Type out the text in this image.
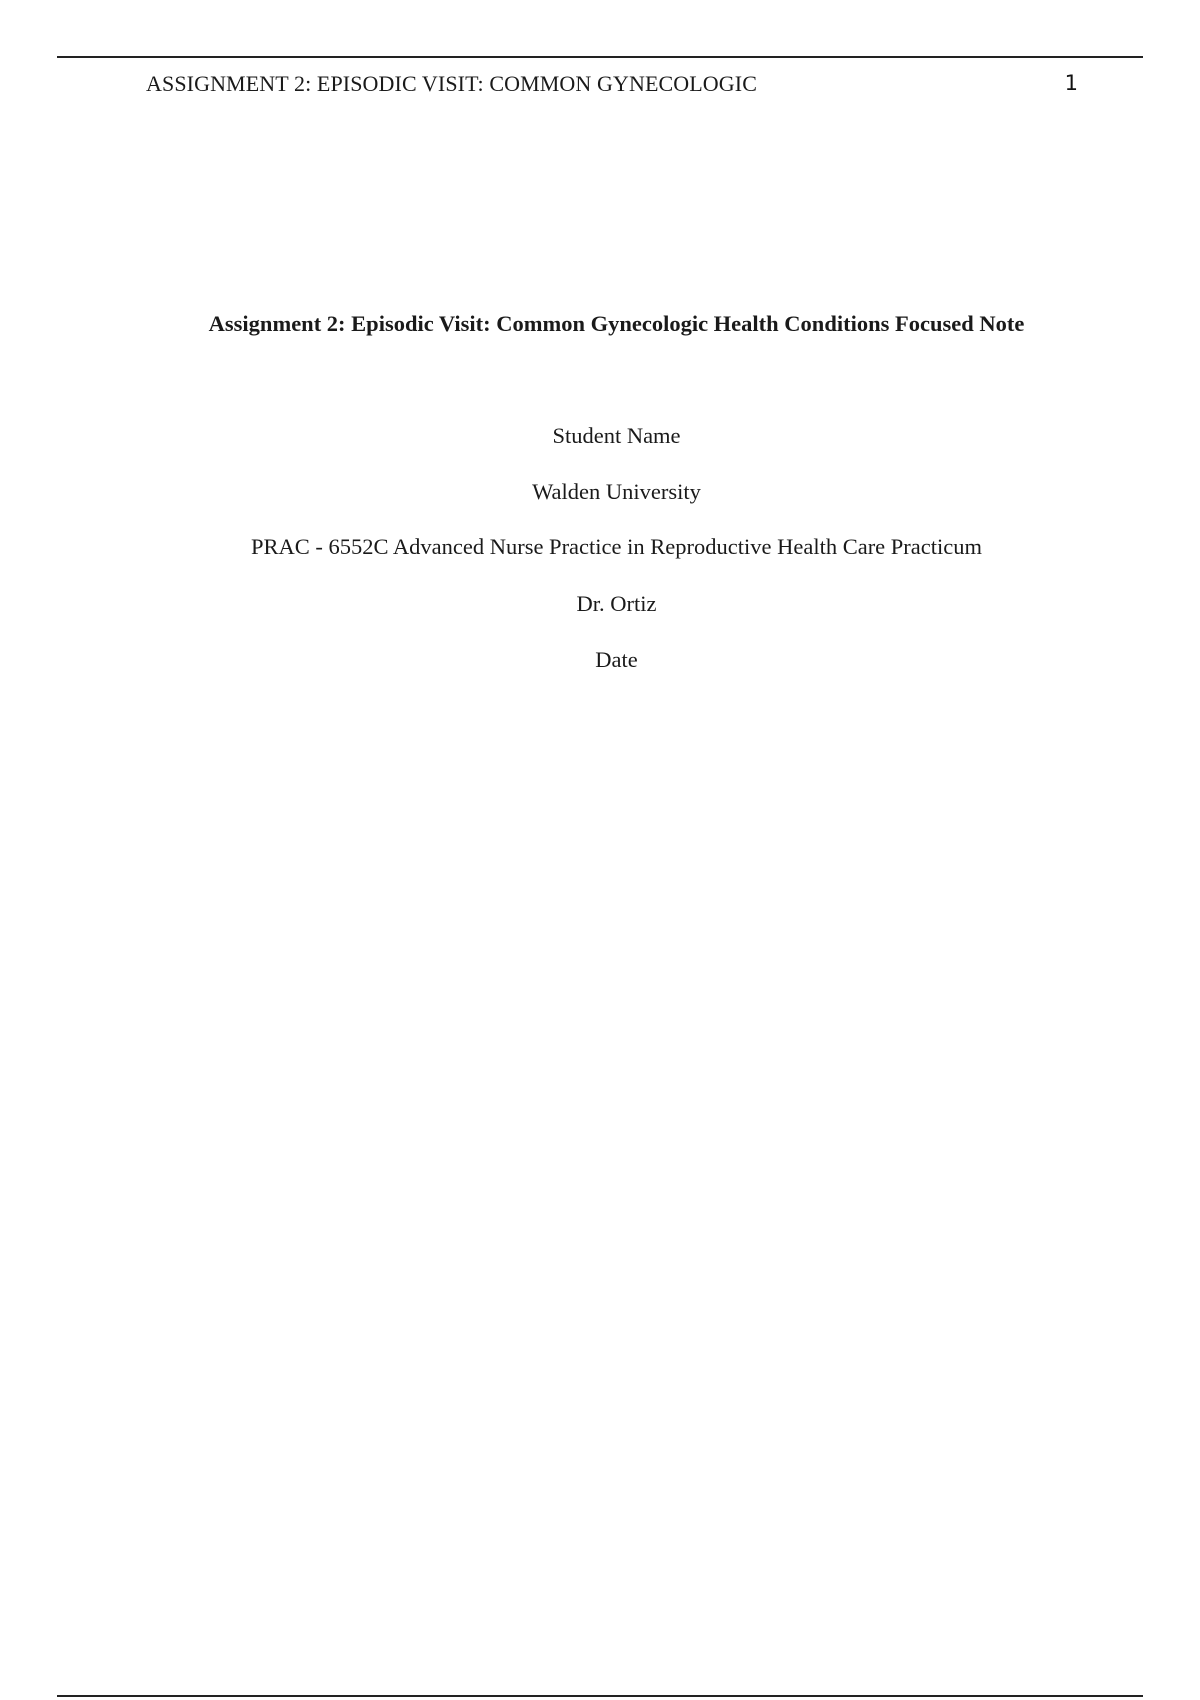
ASSIGNMENT 2: EPISODIC VISIT: COMMON GYNECOLOGIC	1
Assignment 2: Episodic Visit: Common Gynecologic Health Conditions Focused Note
Student Name
Walden University
PRAC - 6552C Advanced Nurse Practice in Reproductive Health Care Practicum
Dr. Ortiz
Date
